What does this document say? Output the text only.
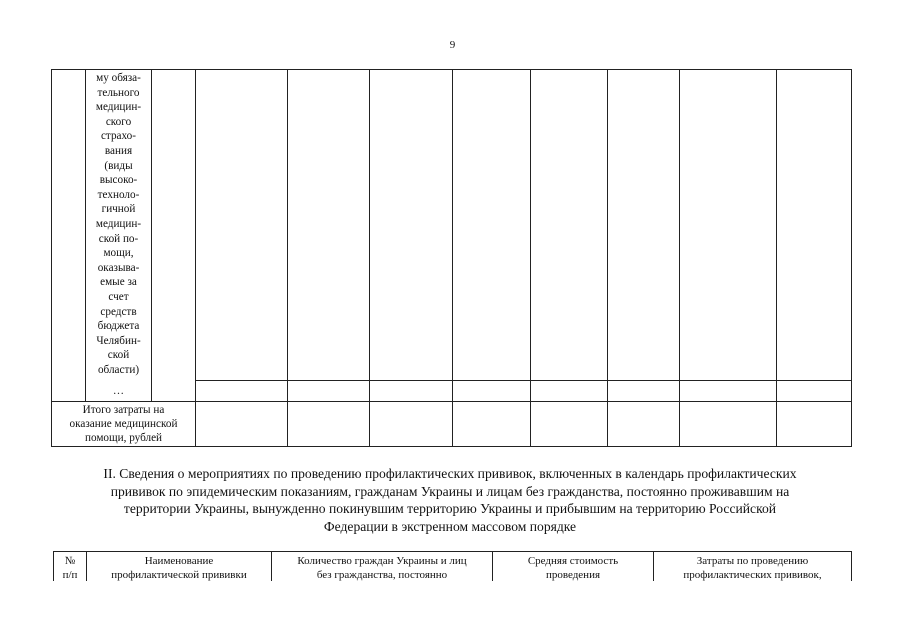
9
му обяза-
тельного
медицин-
ского
страхо-
вания
(виды
высоко-
техноло-
гичной
медицин-
ской по-
мощи,
оказыва-
емые за
счет
средств
бюджета
Челябин-
ской
области)
…
Итого затраты на
оказание медицинской
помощи, рублей
II. Сведения о мероприятиях по проведению профилактических прививок, включенных в календарь профилактических
прививок по эпидемическим показаниям, гражданам Украины и лицам без гражданства, постоянно проживавшим на
территории Украины, вынужденно покинувшим территорию Украины и прибывшим на территорию Российской
Федерации в экстренном массовом порядке
№
п/п
Наименование
профилактической прививки
Количество граждан Украины и лиц
без гражданства, постоянно
Средняя стоимость
проведения
Затраты по проведению
профилактических прививок,
